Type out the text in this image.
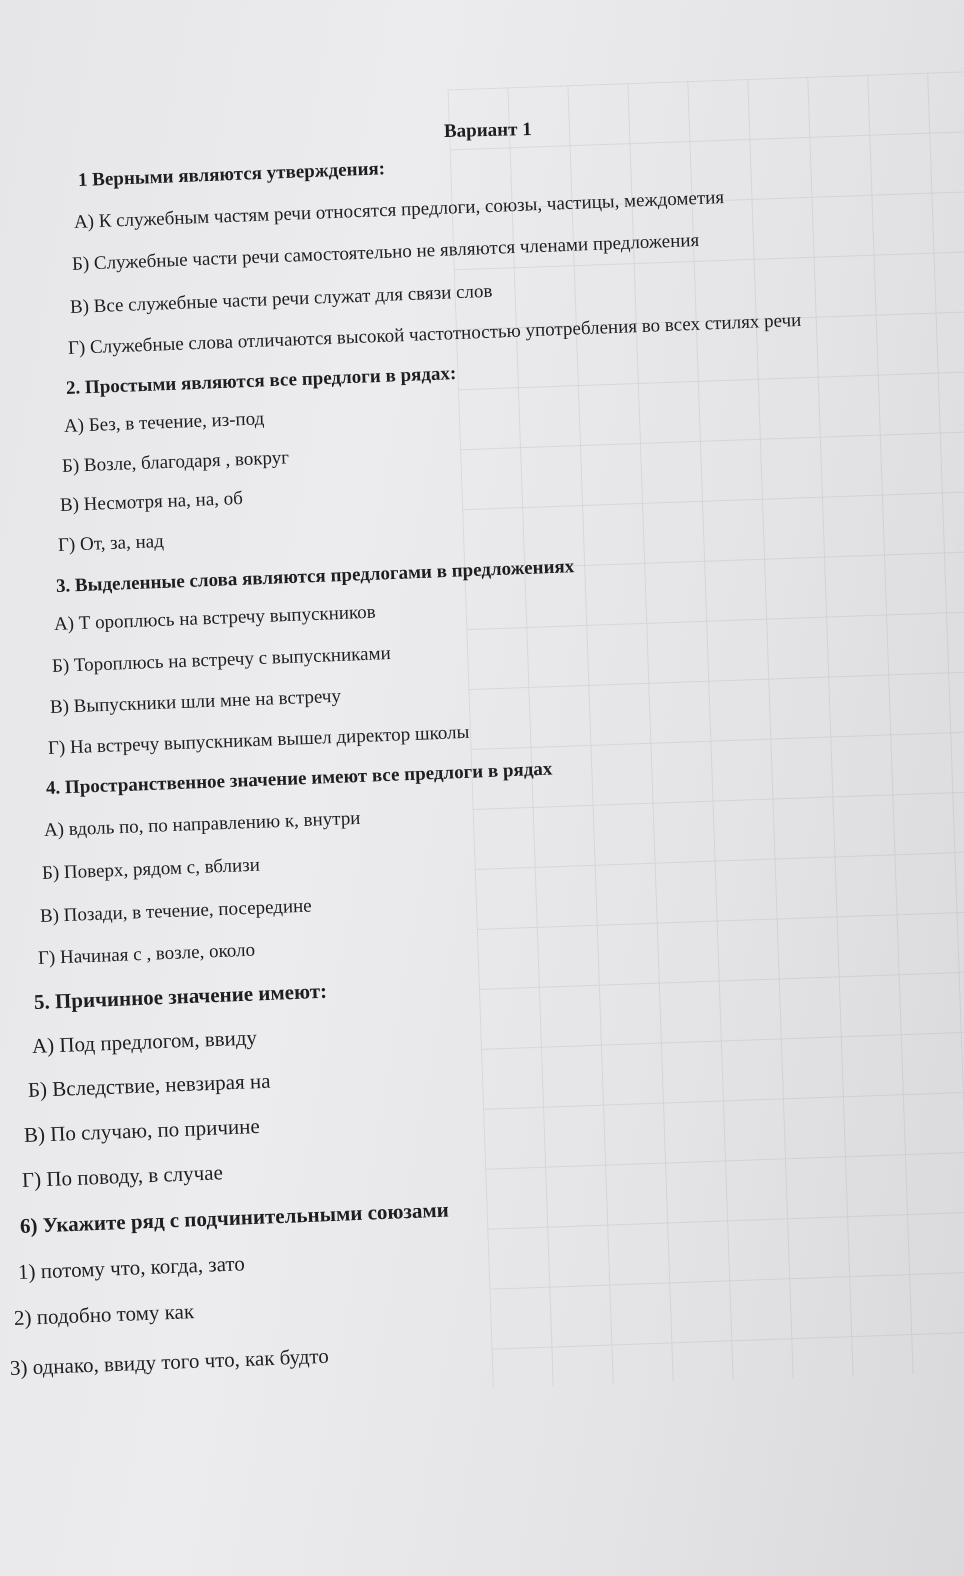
Вариант 1
1 Верными являются утверждения:
А) К служебным частям речи относятся предлоги, союзы, частицы, междометия
Б) Служебные части речи самостоятельно не являются членами предложения
В) Все служебные части речи служат для связи слов
Г) Служебные слова отличаются высокой частотностью употребления во всех стилях речи
2. Простыми являются все предлоги в рядах:
А) Без, в течение, из-под
Б) Возле, благодаря , вокруг
В) Несмотря на, на, об
Г) От, за, над
3. Выделенные слова являются предлогами в предложениях
А) Т ороплюсь на встречу выпускников
Б) Тороплюсь на встречу с выпускниками
В) Выпускники шли мне на встречу
Г) На встречу выпускникам вышел директор школы
4. Пространственное значение имеют все предлоги в рядах
А) вдоль по, по направлению к, внутри
Б) Поверх, рядом с, вблизи
В) Позади, в течение, посередине
Г) Начиная с , возле, около
5. Причинное значение имеют:
А) Под предлогом, ввиду
Б) Вследствие, невзирая на
В) По случаю, по причине
Г) По поводу, в случае
6) Укажите ряд с подчинительными союзами
1) потому что, когда, зато
2) подобно тому как
3) однако, ввиду того что, как будто
